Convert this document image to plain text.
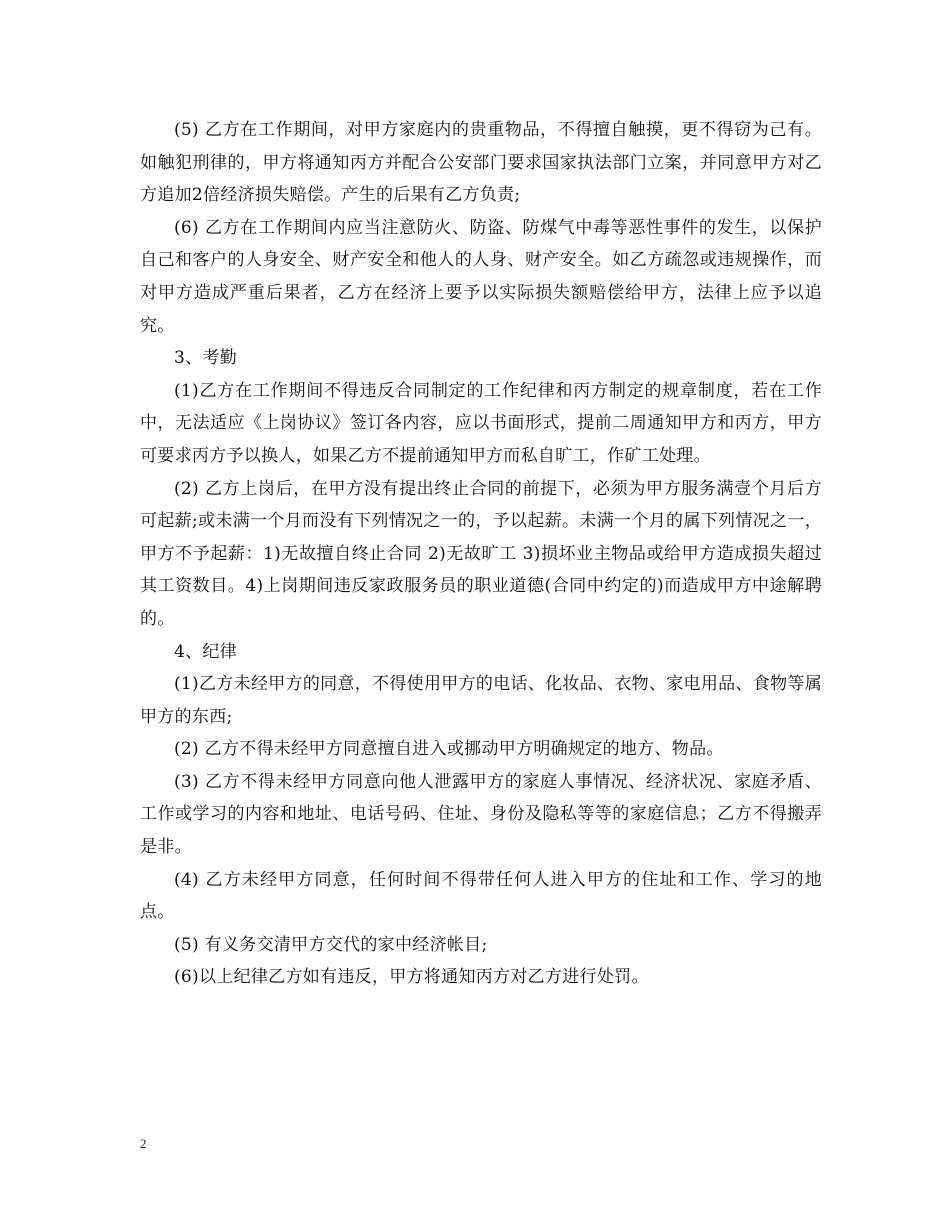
(5) 乙方在工作期间，对甲方家庭内的贵重物品，不得擅自触摸，更不得窃为己有。如触犯刑律的，甲方将通知丙方并配合公安部门要求国家执法部门立案，并同意甲方对乙方追加2倍经济损失赔偿。产生的后果有乙方负责;

(6) 乙方在工作期间内应当注意防火、防盗、防煤气中毒等恶性事件的发生，以保护自己和客户的人身安全、财产安全和他人的人身、财产安全。如乙方疏忽或违规操作，而对甲方造成严重后果者，乙方在经济上要予以实际损失额赔偿给甲方，法律上应予以追究。

3、考勤

(1)乙方在工作期间不得违反合同制定的工作纪律和丙方制定的规章制度，若在工作中，无法适应《上岗协议》签订各内容，应以书面形式，提前二周通知甲方和丙方，甲方可要求丙方予以换人，如果乙方不提前通知甲方而私自旷工，作矿工处理。

(2) 乙方上岗后，在甲方没有提出终止合同的前提下，必须为甲方服务满壹个月后方可起薪;或未满一个月而没有下列情况之一的，予以起薪。未满一个月的属下列情况之一，甲方不予起薪：1)无故擅自终止合同 2)无故旷工 3)损坏业主物品或给甲方造成损失超过其工资数目。4)上岗期间违反家政服务员的职业道德(合同中约定的)而造成甲方中途解聘的。

4、纪律

(1)乙方未经甲方的同意，不得使用甲方的电话、化妆品、衣物、家电用品、食物等属甲方的东西;

(2) 乙方不得未经甲方同意擅自进入或挪动甲方明确规定的地方、物品。

(3) 乙方不得未经甲方同意向他人泄露甲方的家庭人事情况、经济状况、家庭矛盾、工作或学习的内容和地址、电话号码、住址、身份及隐私等等的家庭信息；乙方不得搬弄是非。

(4) 乙方未经甲方同意，任何时间不得带任何人进入甲方的住址和工作、学习的地点。

(5) 有义务交清甲方交代的家中经济帐目;

(6)以上纪律乙方如有违反，甲方将通知丙方对乙方进行处罚。

2
